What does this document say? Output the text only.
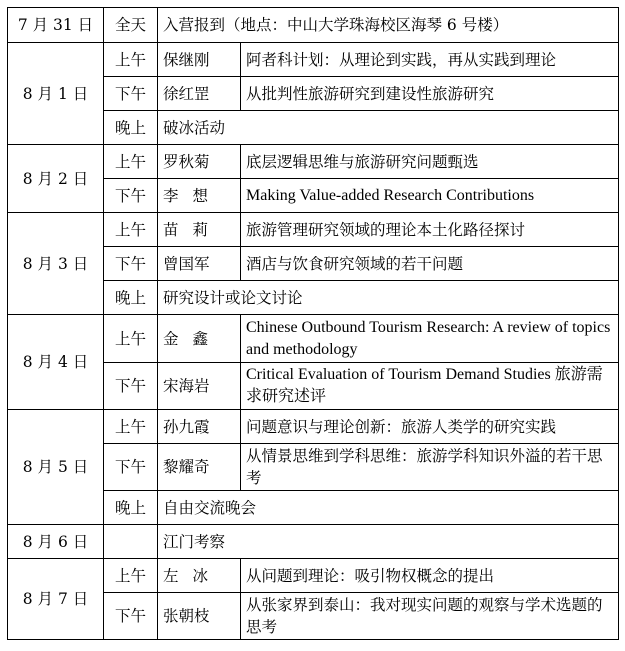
7 月 31 日	全天	入营报到（地点：中山大学珠海校区海琴 6 号楼）	
8 月 1 日	上午	保继刚	阿者科计划：从理论到实践，再从实践到理论
	下午	徐红罡	从批判性旅游研究到建设性旅游研究
	晚上	破冰活动	
8 月 2 日	上午	罗秋菊	底层逻辑思维与旅游研究问题甄选
	下午	李想	Making Value-added Research Contributions
8 月 3 日	上午	苗莉	旅游管理研究领域的理论本土化路径探讨
	下午	曾国军	酒店与饮食研究领域的若干问题
	晚上	研究设计或论文讨论	
8 月 4 日	上午	金鑫	Chinese Outbound Tourism Research: A review of topics and methodology
	下午	宋海岩	Critical Evaluation of Tourism Demand Studies 旅游需求研究述评
8 月 5 日	上午	孙九霞	问题意识与理论创新：旅游人类学的研究实践
	下午	黎耀奇	从情景思维到学科思维：旅游学科知识外溢的若干思考
	晚上	自由交流晚会	
8 月 6 日		江门考察	
8 月 7 日	上午	左冰	从问题到理论：吸引物权概念的提出
	下午	张朝枝	从张家界到泰山：我对现实问题的观察与学术选题的思考
